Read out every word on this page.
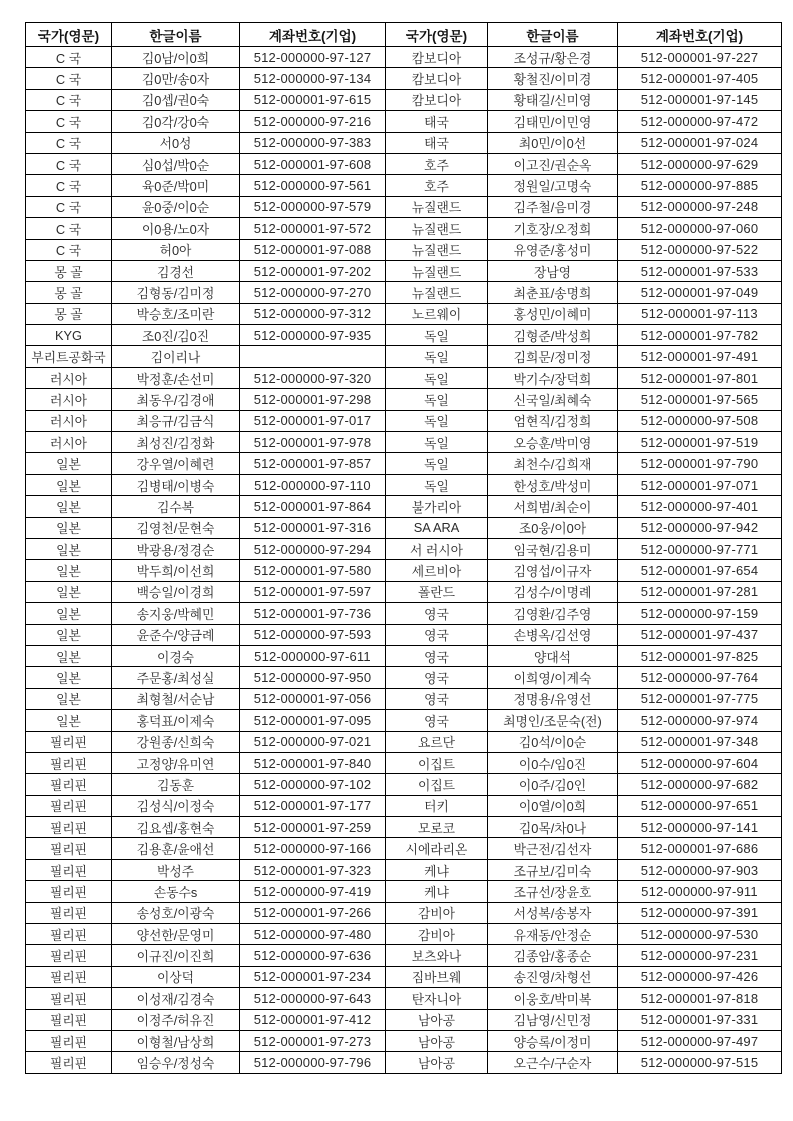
국가(영문)	한글이름	계좌번호(기업)	국가(영문)	한글이름	계좌번호(기업)
C 국	김0남/이0희	512-000000-97-127	캄보디아	조성규/황은경	512-000001-97-227
C 국	김0만/송0자	512-000000-97-134	캄보디아	황철진/이미경	512-000001-97-405
C 국	김0셉/권0숙	512-000001-97-615	캄보디아	황태길/신미영	512-000001-97-145
C 국	김0각/강0숙	512-000000-97-216	태국	김태민/이민영	512-000000-97-472
C 국	서0성	512-000000-97-383	태국	최0민/이0선	512-000001-97-024
C 국	심0섭/박0순	512-000001-97-608	호주	이고진/권순옥	512-000000-97-629
C 국	육0준/박0미	512-000000-97-561	호주	정원일/고명숙	512-000000-97-885
C 국	윤0중/이0순	512-000000-97-579	뉴질랜드	김주철/음미경	512-000000-97-248
C 국	이0용/노0자	512-000001-97-572	뉴질랜드	기호장/오정희	512-000000-97-060
C 국	허0아	512-000001-97-088	뉴질랜드	유영준/홍성미	512-000000-97-522
몽 골	김경선	512-000001-97-202	뉴질랜드	장남영	512-000001-97-533
몽 골	김형동/김미정	512-000000-97-270	뉴질랜드	최춘표/송명희	512-000001-97-049
몽 골	박승호/조미란	512-000000-97-312	노르웨이	홍성민/이혜미	512-000001-97-113
KYG	조0진/김0진	512-000000-97-935	독일	김형준/박성희	512-000001-97-782
부리트공화국	김이리나		독일	김희문/정미정	512-000001-97-491
러시아	박정훈/손선미	512-000000-97-320	독일	박기수/장덕희	512-000001-97-801
러시아	최동우/김경애	512-000001-97-298	독일	신국일/최혜숙	512-000001-97-565
러시아	최응규/김금식	512-000001-97-017	독일	엄현직/김정희	512-000000-97-508
러시아	최성진/김정화	512-000001-97-978	독일	오승훈/박미영	512-000001-97-519
일본	강우열/이혜련	512-000001-97-857	독일	최천수/김희재	512-000001-97-790
일본	김병태/이병숙	512-000000-97-110	독일	한성호/박성미	512-000001-97-071
일본	김수복	512-000001-97-864	불가리아	서희범/최순이	512-000000-97-401
일본	김영천/문현숙	512-000001-97-316	SA ARA	조0웅/이0아	512-000000-97-942
일본	박광용/정경순	512-000000-97-294	서 러시아	임국현/김용미	512-000000-97-771
일본	박두희/이선희	512-000001-97-580	세르비아	김영섭/이규자	512-000001-97-654
일본	백승일/이경희	512-000001-97-597	폴란드	김성수/이명례	512-000001-97-281
일본	송지웅/박혜민	512-000001-97-736	영국	김영환/김주영	512-000000-97-159
일본	윤준수/양금례	512-000000-97-593	영국	손병옥/김선영	512-000001-97-437
일본	이경숙	512-000000-97-611	영국	양대석	512-000001-97-825
일본	주문홍/최성실	512-000000-97-950	영국	이희영/이계숙	512-000000-97-764
일본	최형철/서순남	512-000001-97-056	영국	정명용/유영선	512-000001-97-775
일본	홍덕표/이제숙	512-000001-97-095	영국	최명인/조문숙(전)	512-000000-97-974
필리핀	강원종/신희숙	512-000000-97-021	요르단	김0석/이0순	512-000001-97-348
필리핀	고정양/유미연	512-000001-97-840	이집트	이0수/임0진	512-000000-97-604
필리핀	김동훈	512-000000-97-102	이집트	이0주/김0인	512-000000-97-682
필리핀	김성식/이정숙	512-000001-97-177	터키	이0열/이0희	512-000000-97-651
필리핀	김요셉/홍현숙	512-000001-97-259	모로코	김0목/차0나	512-000000-97-141
필리핀	김용훈/윤애선	512-000000-97-166	시에라리온	박근전/김선자	512-000001-97-686
필리핀	박성주	512-000001-97-323	케냐	조규보/김미숙	512-000000-97-903
필리핀	손동수s	512-000000-97-419	케냐	조규선/장윤호	512-000000-97-911
필리핀	송성호/이광숙	512-000001-97-266	감비아	서성복/송봉자	512-000000-97-391
필리핀	양선한/문영미	512-000000-97-480	감비아	유재동/안정순	512-000000-97-530
필리핀	이규진/이진희	512-000000-97-636	보츠와나	김종암/홍종순	512-000000-97-231
필리핀	이상덕	512-000001-97-234	짐바브웨	송진영/차형선	512-000000-97-426
필리핀	이성재/김경숙	512-000000-97-643	탄자니아	이웅호/박미복	512-000001-97-818
필리핀	이정주/허유진	512-000001-97-412	남아공	김남영/신민정	512-000001-97-331
필리핀	이형철/남상희	512-000001-97-273	남아공	양승록/이정미	512-000000-97-497
필리핀	임승우/정성숙	512-000000-97-796	남아공	오근수/구순자	512-000000-97-515
